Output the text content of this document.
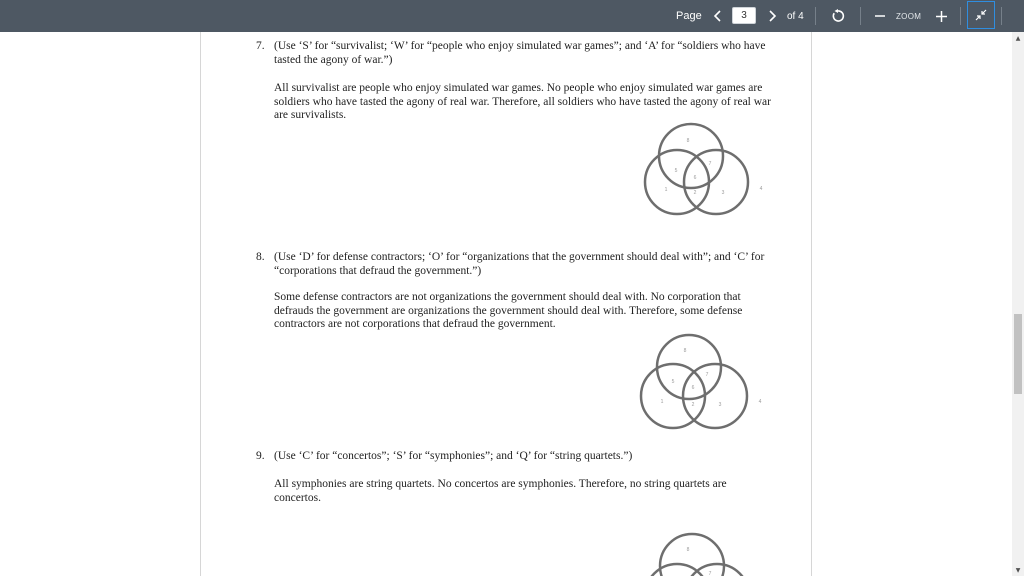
Page
3	of 4	ZOOM
7. (Use ‘S’ for “survivalist; ‘W’ for “people who enjoy simulated war games”; and ‘A’ for “soldiers who have tasted the agony of war.”)
All survivalist are people who enjoy simulated war games. No people who enjoy simulated war games are soldiers who have tasted the agony of real war. Therefore, all soldiers who have tasted the agony of real war are survivalists.
8
5
7
6
1	2	3
4
8. (Use ‘D’ for defense contractors; ‘O’ for “organizations that the government should deal with”; and ‘C’ for “corporations that defraud the government.”)
Some defense contractors are not organizations the government should deal with. No corporation that defrauds the government are organizations the government should deal with. Therefore, some defense contractors are not corporations that defraud the government.
8
5
7
6
1	2	3	4
9. (Use ‘C’ for “concertos”; ‘S’ for “symphonies”; and ‘Q’ for “string quartets.”)
All symphonies are string quartets. No concertos are symphonies. Therefore, no string quartets are concertos.
8
7
▲
▼
